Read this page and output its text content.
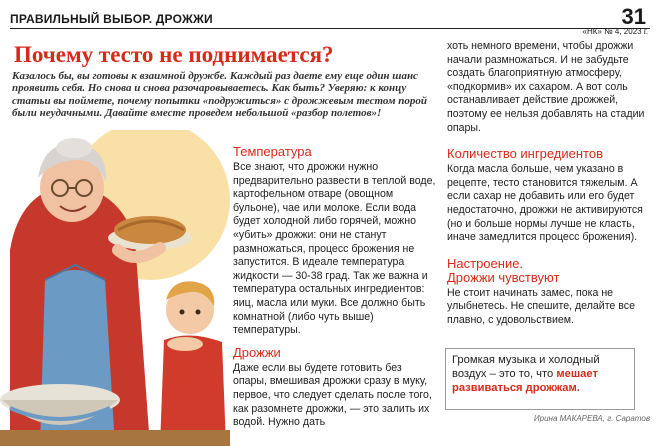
ПРАВИЛЬНЫЙ ВЫБОР. ДРОЖЖИ	31
«НК» № 4, 2023 г.
Почему тесто не поднимается?
Казалось бы, вы готовы к взаимной дружбе. Каждый раз даете ему еще один шанс проявить себя. Но снова и снова разочаровываетесь. Как быть? Уверяю: к концу статьи вы поймете, почему попытки «подружиться» с дрожжевым тестом порой были неудачными. Давайте вместе проведем небольшой «разбор полетов»!
Температура

Все знают, что дрожжи нужно предварительно развести в теплой воде, картофельном отваре (овощном бульоне), чае или молоке. Если вода будет холодной либо горячей, можно «убить» дрожжи: они не станут размножаться, процесс брожения не запустится. В идеале температура жидкости — 30-38 град. Так же важна и температура остальных ингредиентов: яиц, масла или муки. Все должно быть комнатной (либо чуть выше) температуры.

Дрожжи

Даже если вы будете готовить без опары, вмешивая дрожжи сразу в муку, первое, что следует сделать после того, как разомнете дрожжи, — это залить их водой. Нужно дать

хоть немного времени, чтобы дрожжи начали размножаться. И не забудьте создать благоприятную атмосферу, «подкормив» их сахаром. А вот соль останавливает действие дрожжей, поэтому ее нельзя добавлять на стадии опары.

Количество ингредиентов

Когда масла больше, чем указано в рецепте, тесто становится тяжелым. А если сахар не добавить или его будет недостаточно, дрожжи не активируются (но и больше нормы лучше не класть, иначе замедлится процесс брожения).

Настроение.
Дрожжи чувствуют

Не стоит начинать замес, пока не улыбнетесь. Не спешите, делайте все плавно, с удовольствием.

Громкая музыка и холодный воздух – это то, что мешает развиваться дрожжам.
Ирина МАКАРЕВА, г. Саратов
